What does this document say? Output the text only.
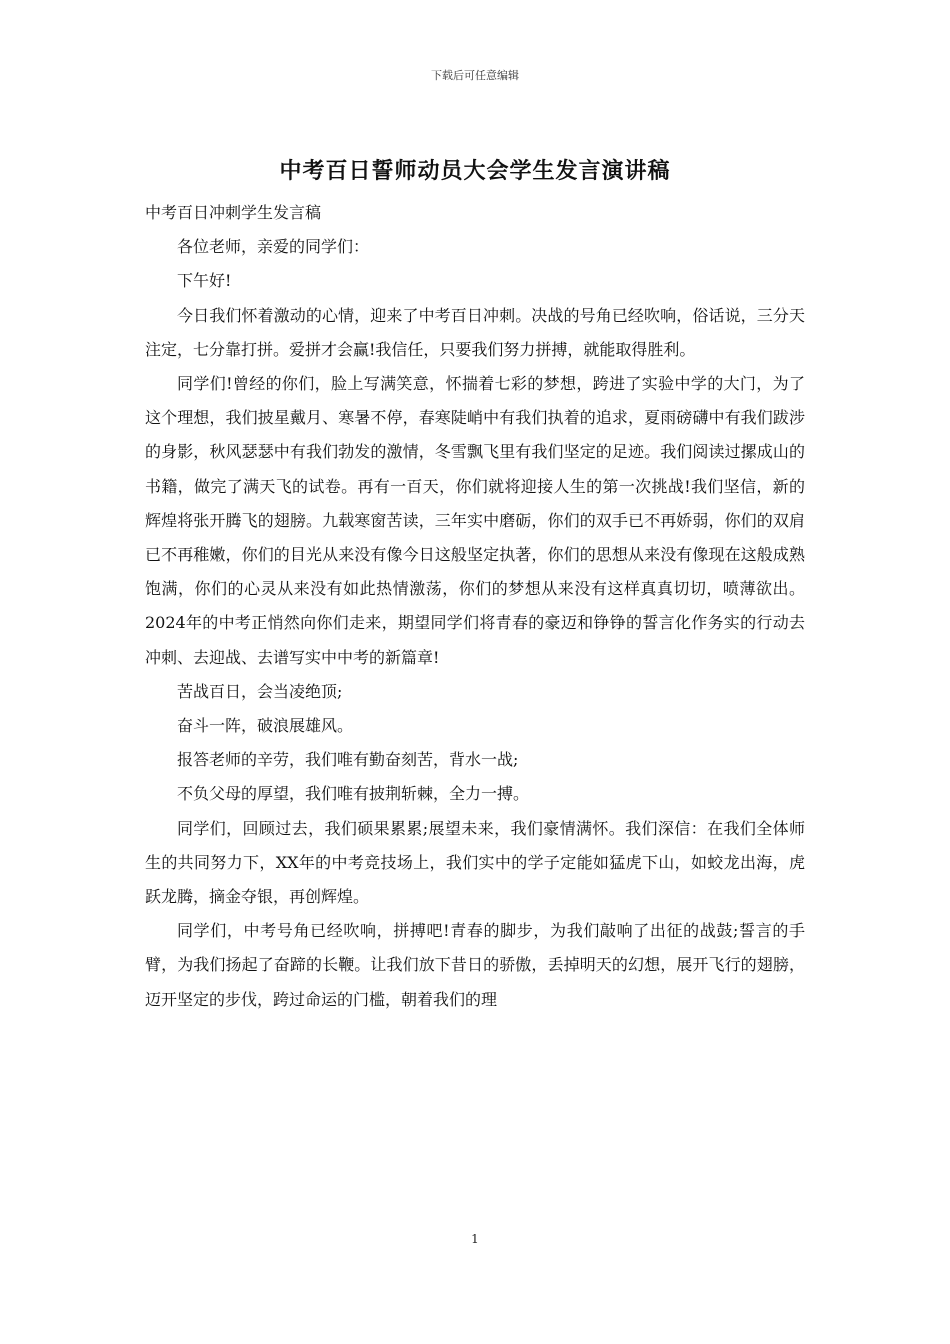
下载后可任意编辑
中考百日誓师动员大会学生发言演讲稿

中考百日冲刺学生发言稿

各位老师，亲爱的同学们：

下午好!

今日我们怀着激动的心情，迎来了中考百日冲刺。决战的号角已经吹响，俗话说，三分天注定，七分靠打拼。爱拼才会赢!我信任，只要我们努力拼搏，就能取得胜利。

同学们!曾经的你们，脸上写满笑意，怀揣着七彩的梦想，跨进了实验中学的大门，为了这个理想，我们披星戴月、寒暑不停，春寒陡峭中有我们执着的追求，夏雨磅礴中有我们跋涉的身影，秋风瑟瑟中有我们勃发的激情，冬雪飘飞里有我们坚定的足迹。我们阅读过摞成山的书籍，做完了满天飞的试卷。再有一百天，你们就将迎接人生的第一次挑战!我们坚信，新的辉煌将张开腾飞的翅膀。九载寒窗苦读，三年实中磨砺，你们的双手已不再娇弱，你们的双肩已不再稚嫩，你们的目光从来没有像今日这般坚定执著，你们的思想从来没有像现在这般成熟饱满，你们的心灵从来没有如此热情激荡，你们的梦想从来没有这样真真切切，喷薄欲出。2024年的中考正悄然向你们走来，期望同学们将青春的豪迈和铮铮的誓言化作务实的行动去冲刺、去迎战、去谱写实中中考的新篇章!

苦战百日，会当凌绝顶;

奋斗一阵，破浪展雄风。

报答老师的辛劳，我们唯有勤奋刻苦，背水一战;

不负父母的厚望，我们唯有披荆斩棘，全力一搏。

同学们，回顾过去，我们硕果累累;展望未来，我们豪情满怀。我们深信：在我们全体师生的共同努力下，XX年的中考竞技场上，我们实中的学子定能如猛虎下山，如蛟龙出海，虎跃龙腾，摘金夺银，再创辉煌。

同学们，中考号角已经吹响，拼搏吧!青春的脚步，为我们敲响了出征的战鼓;誓言的手臂，为我们扬起了奋蹄的长鞭。让我们放下昔日的骄傲，丢掉明天的幻想，展开飞行的翅膀，迈开坚定的步伐，跨过命运的门槛，朝着我们的理

1
